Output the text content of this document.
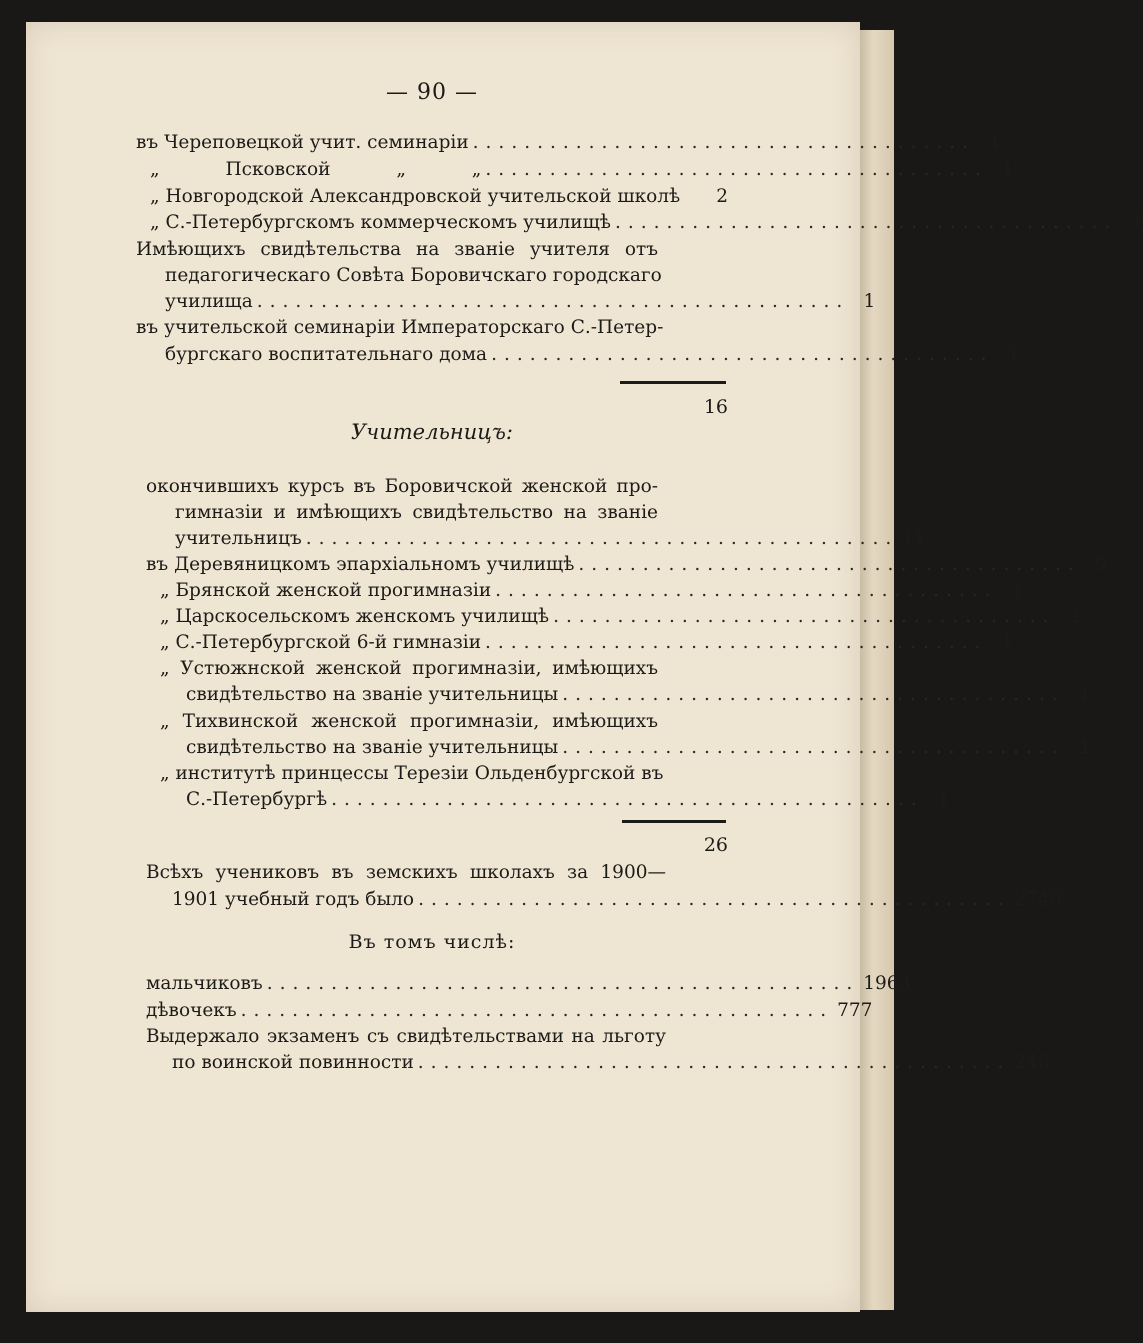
— 90 —
въ Череповецкой учит. семинаріи ....................................... 1
„ Псковской „ „ ....................................... 1
„ Новгородской Александровской учительской школѣ	2
„ С.-Петербургскомъ коммерческомъ училищѣ ....................................... 1
Имѣющихъ свидѣтельства на званіе учителя отъ
педагогическаго Совѣта Боровичскаго городскаго
училища .............................................. 1
въ учительской семинаріи Императорскаго С.-Петер-
бургскаго воспитательнаго дома ....................................... 1
16
Учительницъ:
окончившихъ курсъ въ Боровичской женской про-
гимназіи и имѣющихъ свидѣтельство на званіе
учительницъ .............................................. 11
въ Деревяницкомъ эпархіальномъ училищѣ ....................................... 9
„ Брянской женской прогимназіи ....................................... 1
„ Царскосельскомъ женскомъ училищѣ ....................................... 1
„ С.-Петербургской 6-й гимназіи ....................................... 1
„ Устюжнской женской прогимназіи, имѣющихъ
свидѣтельство на званіе учительницы ....................................... 1
„ Тихвинской женской прогимназіи, имѣющихъ
свидѣтельство на званіе учительницы ....................................... 1
„ институтѣ принцессы Терезіи Ольденбургской въ
С.-Петербургѣ .............................................. 1
26
Всѣхъ учениковъ въ земскихъ школахъ за 1900—
1901 учебный годъ было .............................................. 2740
Въ томъ числѣ:
мальчиковъ .............................................. 1963
дѣвочекъ .............................................. 777
Выдержало экзаменъ съ свидѣтельствами на льготу
по воинской повинности .............................................. 246
